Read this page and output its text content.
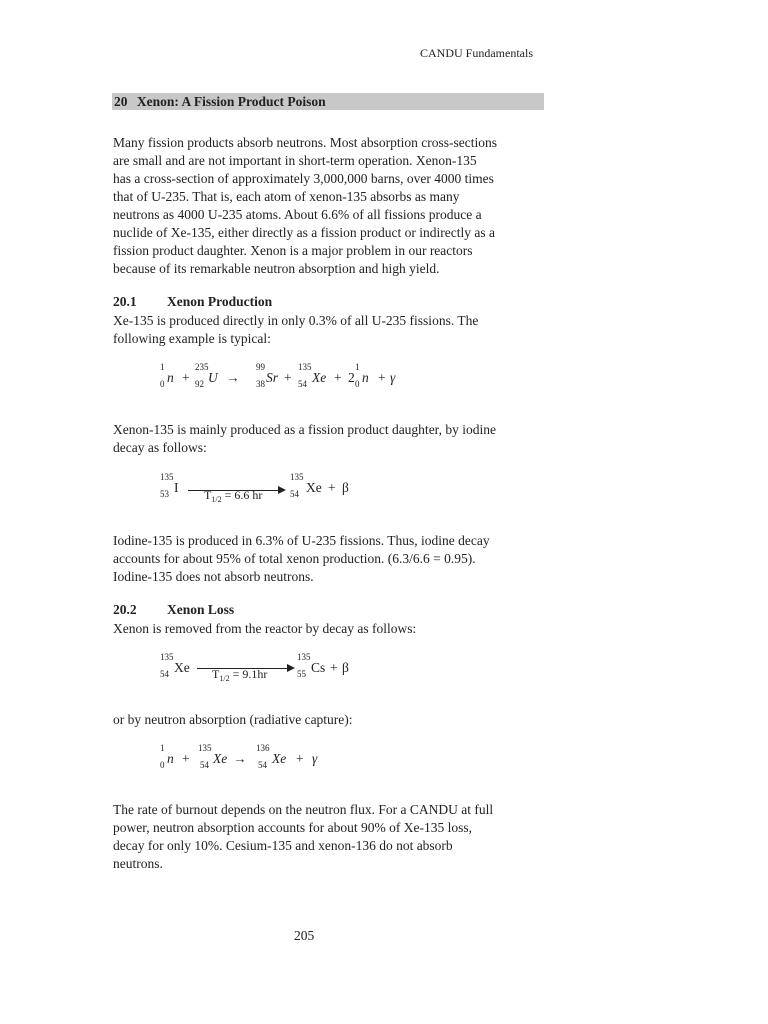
CANDU Fundamentals
20 Xenon: A Fission Product Poison
Many fission products absorb neutrons. Most absorption cross-sections
are small and are not important in short-term operation. Xenon-135
has a cross-section of approximately 3,000,000 barns, over 4000 times
that of U-235. That is, each atom of xenon-135 absorbs as many
neutrons as 4000 U-235 atoms. About 6.6% of all fissions produce a
nuclide of Xe-135, either directly as a fission product or indirectly as a
fission product daughter. Xenon is a major problem in our reactors
because of its remarkable neutron absorption and high yield.
20.1 Xenon Production
Xe-135 is produced directly in only 0.3% of all U-235 fissions. The
following example is typical:
1
0 n +
235
92 U →
99
38 Sr +
135
54 Xe + 2
1
0 n + γ
Xenon-135 is mainly produced as a fission product daughter, by iodine
decay as follows:
135
53 I $T_{1/2} = 6.6$ hr
135
54 Xe + β
Iodine-135 is produced in 6.3% of U-235 fissions. Thus, iodine decay
accounts for about 95% of total xenon production. (6.3/6.6 = 0.95).
Iodine-135 does not absorb neutrons.
20.2 Xenon Loss
Xenon is removed from the reactor by decay as follows:
135
54 Xe $T_{1/2} = 9.1hr$
135
55 Cs + β
or by neutron absorption (radiative capture):
1
0 n +
135
54 Xe →
136
54 Xe + γ
The rate of burnout depends on the neutron flux. For a CANDU at full
power, neutron absorption accounts for about 90% of Xe-135 loss,
decay for only 10%. Cesium-135 and xenon-136 do not absorb
neutrons.
205
